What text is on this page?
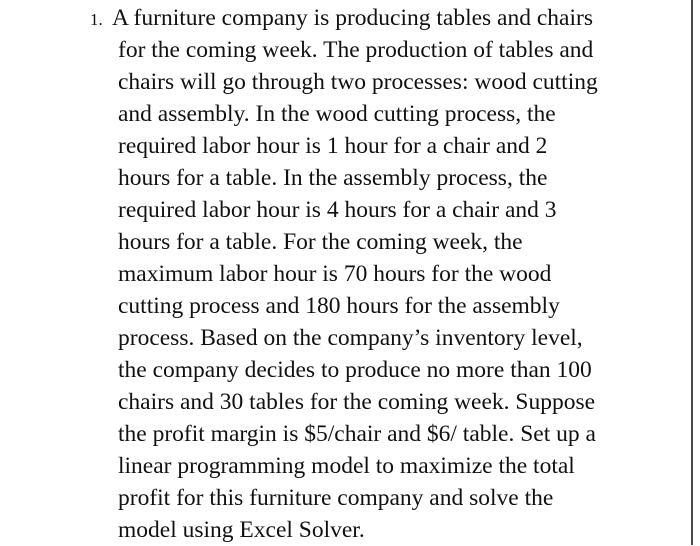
1. A furniture company is producing tables and chairs
for the coming week. The production of tables and
chairs will go through two processes: wood cutting
and assembly. In the wood cutting process, the
required labor hour is 1 hour for a chair and 2
hours for a table. In the assembly process, the
required labor hour is 4 hours for a chair and 3
hours for a table. For the coming week, the
maximum labor hour is 70 hours for the wood
cutting process and 180 hours for the assembly
process. Based on the company’s inventory level,
the company decides to produce no more than 100
chairs and 30 tables for the coming week. Suppose
the profit margin is $5/chair and $6/ table. Set up a
linear programming model to maximize the total
profit for this furniture company and solve the
model using Excel Solver.
